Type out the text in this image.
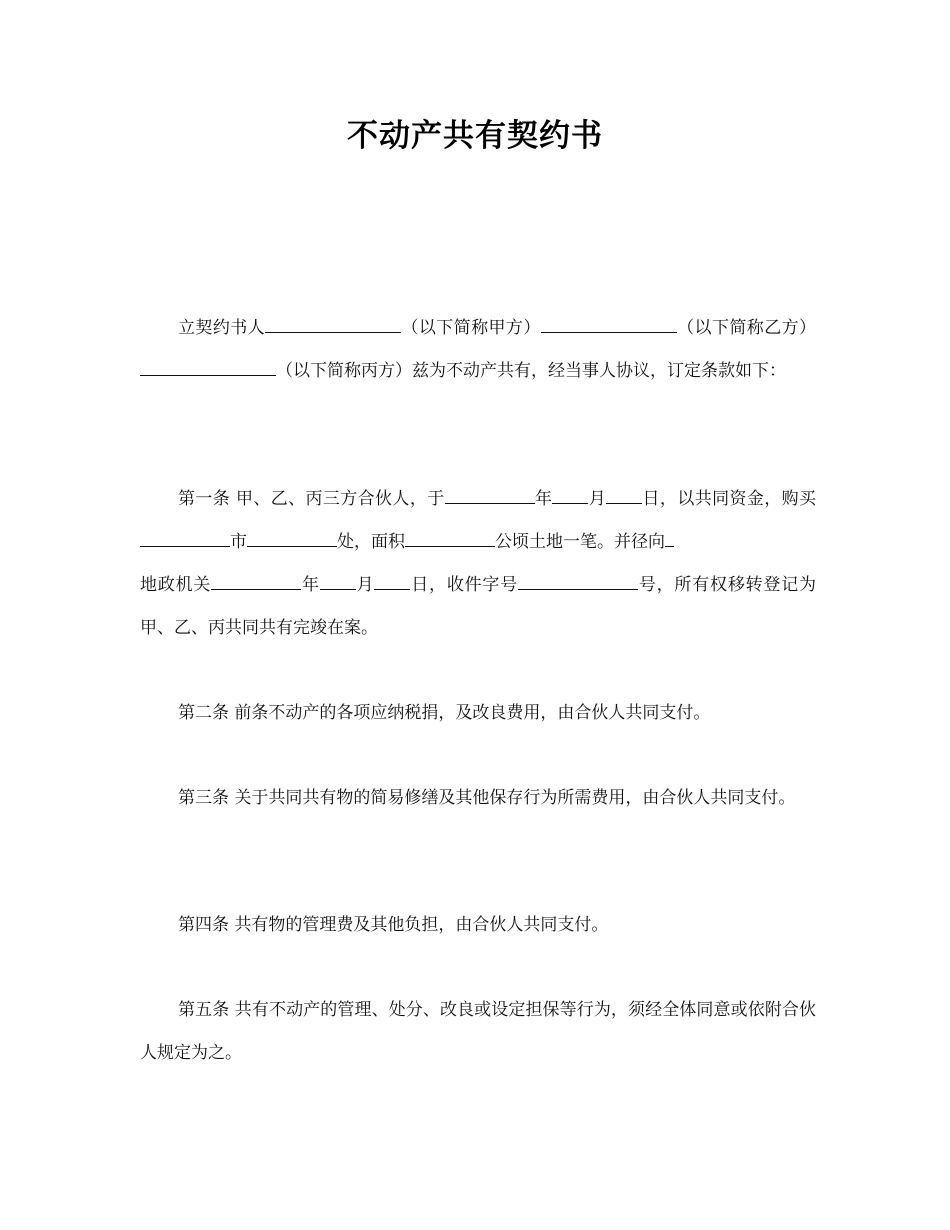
不动产共有契约书
立契约书人	（以下简称甲方）	（以下简称乙方）（以下简称丙方）兹为不动产共有，经当事人协议，订定条款如下：
第一条 甲、乙、丙三方合伙人，于	年 月 日，以共同资金，购买市	处，面积	公顷土地一笔。并径向
地政机关	年 月 日，收件字号	号，所有权移转登记为甲、乙、丙共同共有完竣在案。
第二条 前条不动产的各项应纳税捐，及改良费用，由合伙人共同支付。
第三条 关于共同共有物的简易修缮及其他保存行为所需费用，由合伙人共同支付。
第四条 共有物的管理费及其他负担，由合伙人共同支付。
第五条 共有不动产的管理、处分、改良或设定担保等行为，须经全体同意或依附合伙人规定为之。
